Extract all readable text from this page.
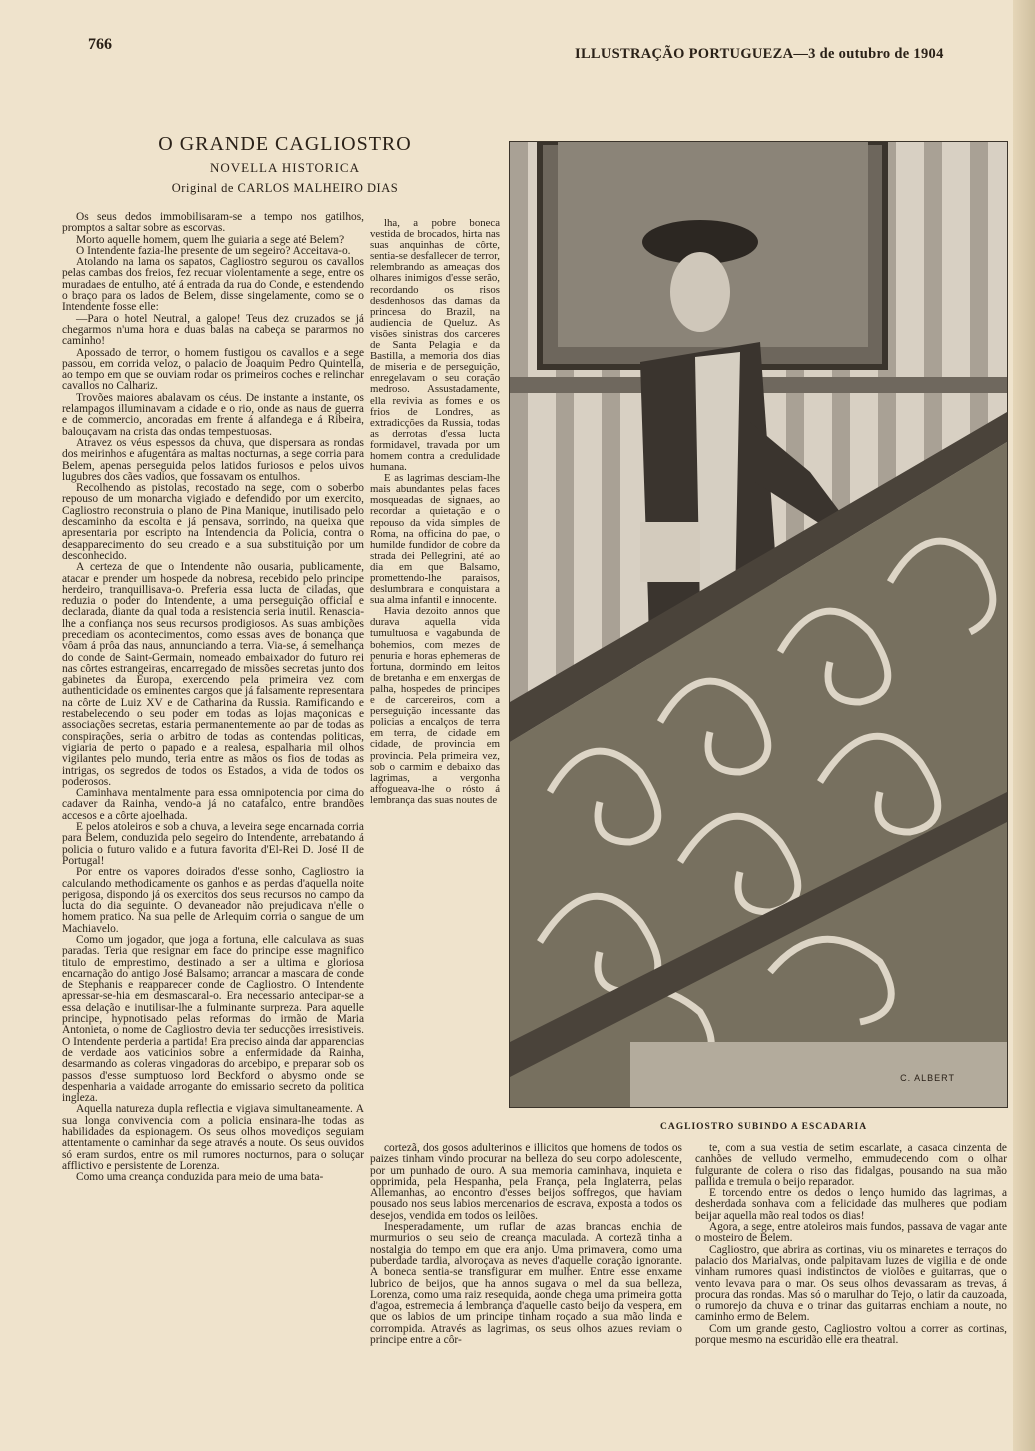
766
ILLUSTRAÇÃO PORTUGUEZA—3 de outubro de 1904
O GRANDE CAGLIOSTRO
NOVELLA HISTORICA
Original de CARLOS MALHEIRO DIAS

Os seus dedos immobilisaram-se a tempo nos gatilhos, promptos a saltar sobre as escorvas.

Morto aquelle homem, quem lhe guiaria a sege até Belem?

O Intendente fazia-lhe presente de um segeiro? Acceitava-o.

Atolando na lama os sapatos, Cagliostro segurou os cavallos pelas cambas dos freios, fez recuar violentamente a sege, entre os muradaes de entulho, até á entrada da rua do Conde, e estendendo o braço para os lados de Belem, disse singelamente, como se o Intendente fosse elle:

—Para o hotel Neutral, a galope! Teus dez cruzados se já chegarmos n'uma hora e duas balas na cabeça se pararmos no caminho!

Apossado de terror, o homem fustigou os cavallos e a sege passou, em corrida veloz, o palacio de Joaquim Pedro Quintella, ao tempo em que se ouviam rodar os primeiros coches e relinchar cavallos no Calhariz.

Trovões maiores abalavam os céus. De instante a instante, os relampagos illuminavam a cidade e o rio, onde as naus de guerra e de commercio, ancoradas em frente á alfandega e á Ribeira, balouçavam na crista das ondas tempestuosas.

Atravez os véus espessos da chuva, que dispersara as rondas dos meirinhos e afugentára as maltas nocturnas, a sege corria para Belem, apenas perseguida pelos latidos furiosos e pelos uivos lugubres dos cães vadios, que fossavam os entulhos.

Recolhendo as pistolas, recostado na sege, com o soberbo repouso de um monarcha vigiado e defendido por um exercito, Cagliostro reconstruia o plano de Pina Manique, inutilisado pelo descaminho da escolta e já pensava, sorrindo, na queixa que apresentaria por escripto na Intendencia da Policia, contra o desapparecimento do seu creado e a sua substituição por um desconhecido.

A certeza de que o Intendente não ousaria, publicamente, atacar e prender um hospede da nobresa, recebido pelo principe herdeiro, tranquillisava-o. Preferia essa lucta de ciladas, que reduzia o poder do Intendente, a uma perseguição official e declarada, diante da qual toda a resistencia seria inutil. Renascia-lhe a confiança nos seus recursos prodigiosos. As suas ambições precediam os acontecimentos, como essas aves de bonança que vôam á prôa das naus, annunciando a terra. Via-se, á semelhança do conde de Saint-Germain, nomeado embaixador do futuro rei nas côrtes estrangeiras, encarregado de missões secretas junto dos gabinetes da Europa, exercendo pela primeira vez com authenticidade os eminentes cargos que já falsamente representara na côrte de Luiz XV e de Catharina da Russia. Ramificando e restabelecendo o seu poder em todas as lojas maçonicas e associações secretas, estaria permanentemente ao par de todas as conspirações, seria o arbitro de todas as contendas politicas, vigiaria de perto o papado e a realesa, espalharia mil olhos vigilantes pelo mundo, teria entre as mãos os fios de todas as intrigas, os segredos de todos os Estados, a vida de todos os poderosos.

Caminhava mentalmente para essa omnipotencia por cima do cadaver da Rainha, vendo-a já no catafalco, entre brandões accesos e a côrte ajoelhada.

E pelos atoleiros e sob a chuva, a leveira sege encarnada corria para Belem, conduzida pelo segeiro do Intendente, arrebatando á policia o futuro valido e a futura favorita d'El-Rei D. José II de Portugal!

Por entre os vapores doirados d'esse sonho, Cagliostro ia calculando methodicamente os ganhos e as perdas d'aquella noite perigosa, dispondo já os exercitos dos seus recursos no campo da lucta do dia seguinte. O devaneador não prejudicava n'elle o homem pratico. Na sua pelle de Arlequim corria o sangue de um Machiavelo.

Como um jogador, que joga a fortuna, elle calculava as suas paradas. Teria que resignar em face do principe esse magnifico titulo de emprestimo, destinado a ser a ultima e gloriosa encarnação do antigo José Balsamo; arrancar a mascara de conde de Stephanis e reapparecer conde de Cagliostro. O Intendente apressar-se-hia em desmascaral-o. Era necessario antecipar-se a essa delação e inutilisar-lhe a fulminante surpreza. Para aquelle principe, hypnotisado pelas reformas do irmão de Maria Antonieta, o nome de Cagliostro devia ter seducções irresistiveis. O Intendente perderia a partida! Era preciso ainda dar apparencias de verdade aos vaticinios sobre a enfermidade da Rainha, desarmando as coleras vingadoras do arcebipo, e preparar sob os passos d'esse sumptuoso lord Beckford o abysmo onde se despenharia a vaidade arrogante do emissario secreto da politica ingleza.

Aquella natureza dupla reflectia e vigiava simultaneamente. A sua longa convivencia com a policia ensinara-lhe todas as habilidades da espionagem. Os seus olhos movediços seguiam attentamente o caminhar da sege através a noute. Os seus ouvidos só eram surdos, entre os mil rumores nocturnos, para o soluçar afflictivo e persistente de Lorenza.

Como uma creança conduzida para meio de uma bata-

lha, a pobre boneca vestida de brocados, hirta nas suas anquinhas de côrte, sentia-se desfallecer de terror, relembrando as ameaças dos olhares inimigos d'esse serão, recordando os risos desdenhosos das damas da princesa do Brazil, na audiencia de Queluz. As visões sinistras dos carceres de Santa Pelagia e da Bastilla, a memoria dos dias de miseria e de perseguição, enregelavam o seu coração medroso. Assustadamente, ella revivia as fomes e os frios de Londres, as extradicções da Russia, todas as derrotas d'essa lucta formidavel, travada por um homem contra a credulidade humana.

E as lagrimas desciam-lhe mais abundantes pelas faces mosqueadas de signaes, ao recordar a quietação e o repouso da vida simples de Roma, na officina do pae, o humilde fundidor de cobre da strada dei Pellegrini, até ao dia em que Balsamo, promettendo-lhe paraisos, deslumbrara e conquistara a sua alma infantil e innocente.

Havia dezoito annos que durava aquella vida tumultuosa e vagabunda de bohemios, com mezes de penuria e horas ephemeras de fortuna, dormindo em leitos de bretanha e em enxergas de palha, hospedes de principes e de carcereiros, com a perseguição incessante das policias a encalços de terra em terra, de cidade em cidade, de provincia em provincia. Pela primeira vez, sob o carmim e debaixo das lagrimas, a vergonha affogueava-lhe o rósto á lembrança das suas noutes de

cortezã, dos gosos adulterinos e illicitos que homens de todos os paizes tinham vindo procurar na belleza do seu corpo adolescente, por um punhado de ouro. A sua memoria caminhava, inquieta e opprimida, pela Hespanha, pela França, pela Inglaterra, pelas Allemanhas, ao encontro d'esses beijos soffregos, que haviam pousado nos seus labios mercenarios de escrava, exposta a todos os desejos, vendida em todos os leilões.

Inesperadamente, um ruflar de azas brancas enchia de murmurios o seu seio de creança maculada. A cortezã tinha a nostalgia do tempo em que era anjo. Uma primavera, como uma puberdade tardia, alvoroçava as neves d'aquelle coração ignorante. A boneca sentia-se transfigurar em mulher. Entre esse enxame lubrico de beijos, que ha annos sugava o mel da sua belleza, Lorenza, como uma raiz resequida, aonde chega uma primeira gotta d'agoa, estremecia á lembrança d'aquelle casto beijo da vespera, em que os labios de um principe tinham roçado a sua mão linda e corrompida. Através as lagrimas, os seus olhos azues reviam o principe entre a côr-

te, com a sua vestia de setim escarlate, a casaca cinzenta de canhões de velludo vermelho, emmudecendo com o olhar fulgurante de colera o riso das fidalgas, pousando na sua mão pallida e tremula o beijo reparador.

E torcendo entre os dedos o lenço humido das lagrimas, a desherdada sonhava com a felicidade das mulheres que podiam beijar aquella mão real todos os dias!

Agora, a sege, entre atoleiros mais fundos, passava de vagar ante o mosteiro de Belem.

Cagliostro, que abrira as cortinas, viu os minaretes e terraços do palacio dos Marialvas, onde palpitavam luzes de vigilia e de onde vinham rumores quasi indistinctos de violões e guitarras, que o vento levava para o mar. Os seus olhos devassaram as trevas, á procura das rondas. Mas só o marulhar do Tejo, o latir da cauzoada, o rumorejo da chuva e o trinar das guitarras enchiam a noute, no caminho ermo de Belem.

Com um grande gesto, Cagliostro voltou a correr as cortinas, porque mesmo na escuridão elle era theatral.

C. ALBERT
CAGLIOSTRO SUBINDO A ESCADARIA
